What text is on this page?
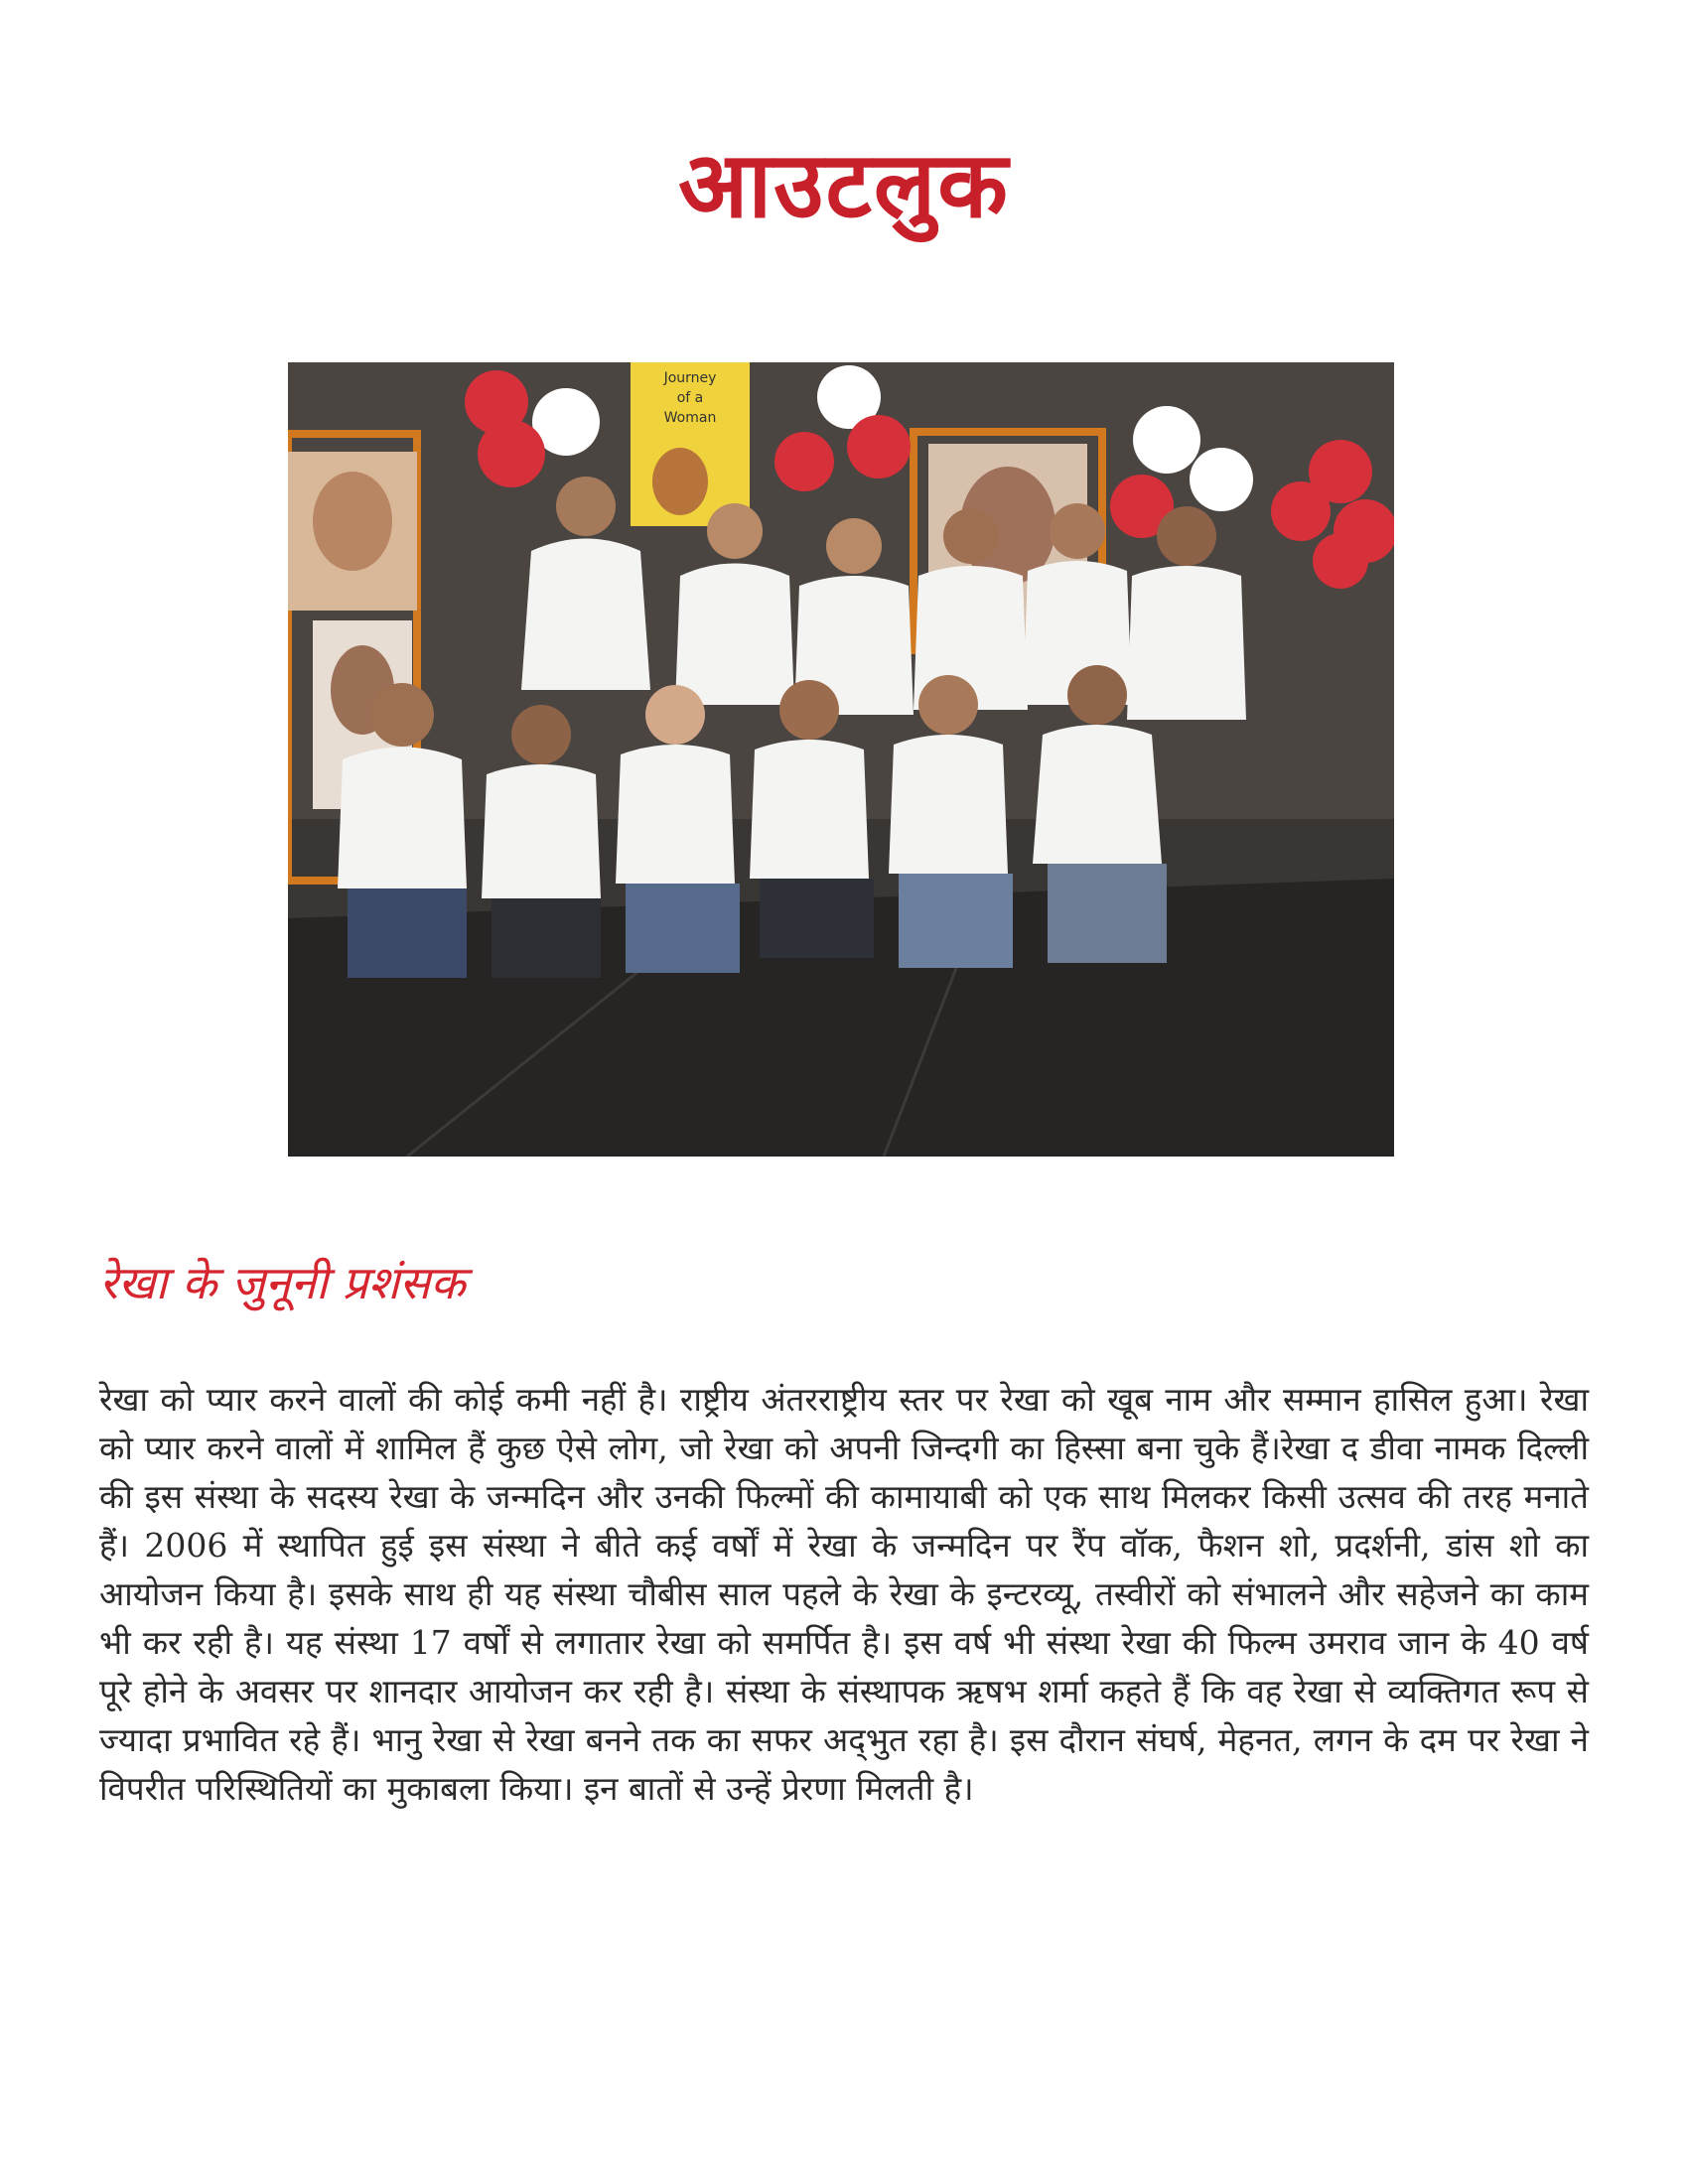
आउटलुक
Journey
of a
Woman
रेखा के जुनूनी प्रशंसक
रेखा को प्यार करने वालों की कोई कमी नहीं है। राष्ट्रीय अंतरराष्ट्रीय स्तर पर रेखा को खूब नाम और सम्मान हासिल हुआ। रेखा को प्यार करने वालों में शामिल हैं कुछ ऐसे लोग, जो रेखा को अपनी जिन्दगी का हिस्सा बना चुके हैं।रेखा द डीवा नामक दिल्ली की इस संस्था के सदस्य रेखा के जन्मदिन और उनकी फिल्मों की कामायाबी को एक साथ मिलकर किसी उत्सव की तरह मनाते हैं। 2006 में स्थापित हुई इस संस्था ने बीते कई वर्षों में रेखा के जन्मदिन पर रैंप वॉक, फैशन शो, प्रदर्शनी, डांस शो का आयोजन किया है। इसके साथ ही यह संस्था चौबीस साल पहले के रेखा के इन्टरव्यू, तस्वीरों को संभालने और सहेजने का काम भी कर रही है। यह संस्था 17 वर्षों से लगातार रेखा को समर्पित है। इस वर्ष भी संस्था रेखा की फिल्म उमराव जान के 40 वर्ष पूरे होने के अवसर पर शानदार आयोजन कर रही है। संस्था के संस्थापक ऋषभ शर्मा कहते हैं कि वह रेखा से व्यक्तिगत रूप से ज्यादा प्रभावित रहे हैं। भानु रेखा से रेखा बनने तक का सफर अद्‌भुत रहा है। इस दौरान संघर्ष, मेहनत, लगन के दम पर रेखा ने विपरीत परिस्थितियों का मुकाबला किया। इन बातों से उन्हें प्रेरणा मिलती है।
